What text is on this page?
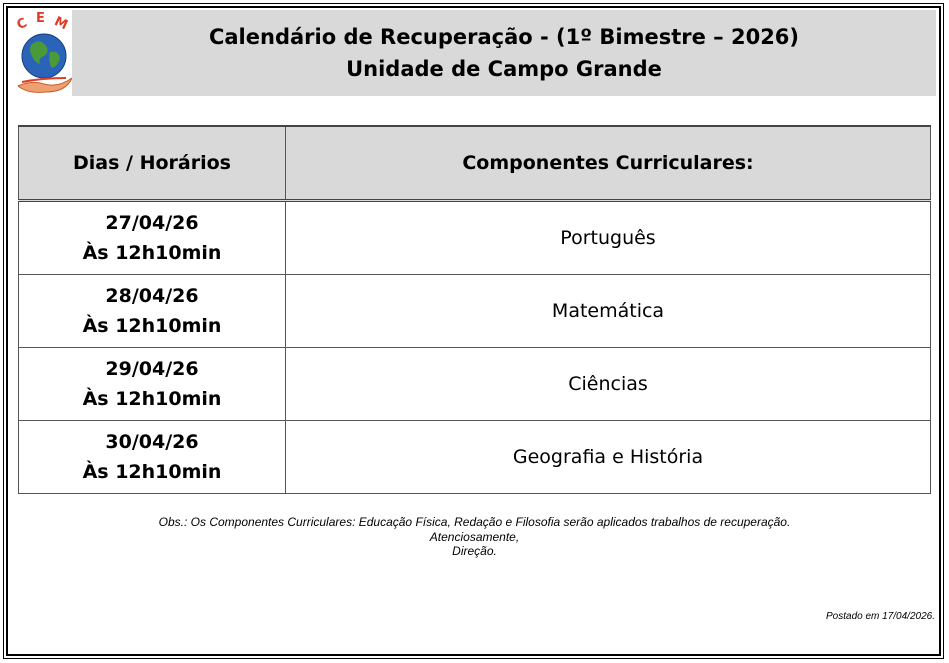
C E M
Calendário de Recuperação - (1º Bimestre – 2026)
Unidade de Campo Grande
Dias / Horários	Componentes Curriculares:

27/04/26
Às 12h10min	Português

28/04/26
Às 12h10min	Matemática

29/04/26
Às 12h10min	Ciências

30/04/26
Às 12h10min	Geografia e História
Obs.: Os Componentes Curriculares: Educação Física, Redação e Filosofia serão aplicados trabalhos de recuperação.
Atenciosamente,
Direção.
Postado em 17/04/2026.
